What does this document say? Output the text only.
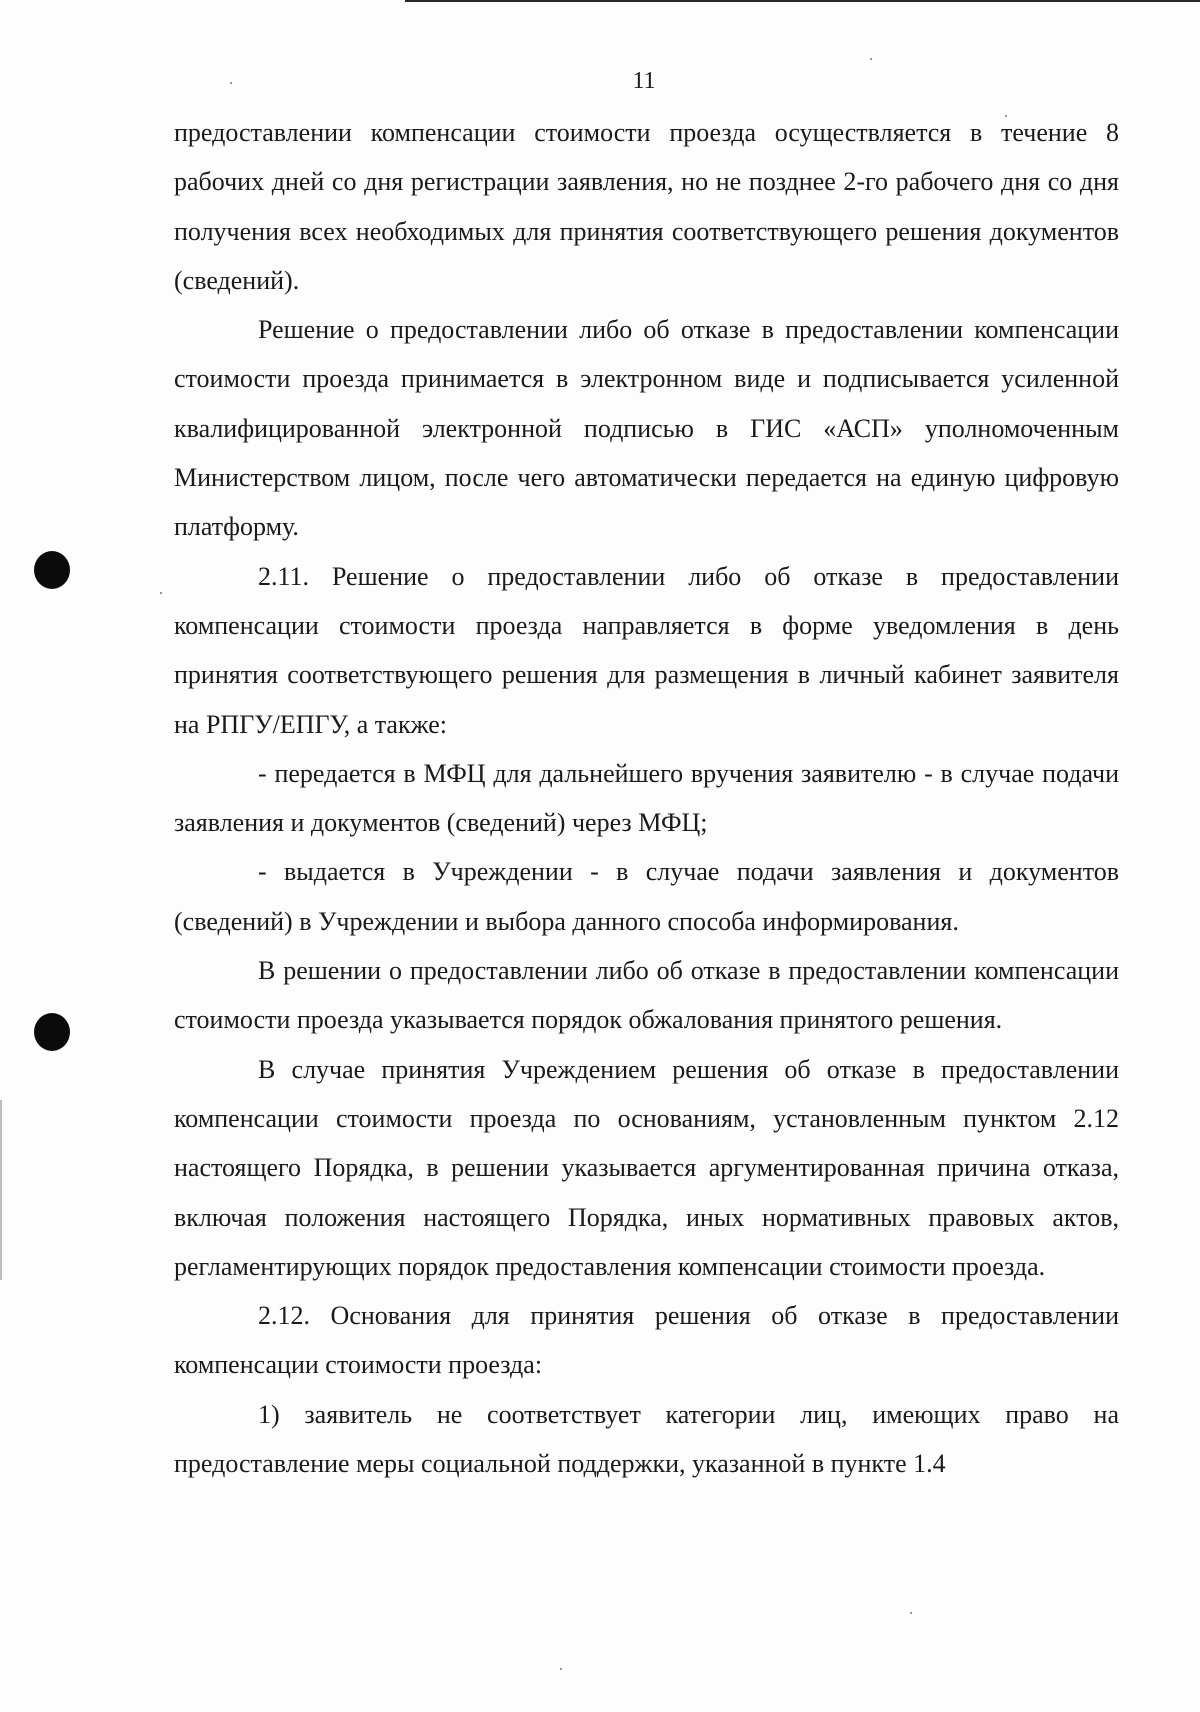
11

предоставлении компенсации стоимости проезда осуществляется в течение 8 рабочих дней со дня регистрации заявления, но не позднее 2-го рабочего дня со дня получения всех необходимых для принятия соответствующего решения документов (сведений).

Решение о предоставлении либо об отказе в предоставлении компенсации стоимости проезда принимается в электронном виде и подписывается усиленной квалифицированной электронной подписью в ГИС «АСП» уполномоченным Министерством лицом, после чего автоматически передается на единую цифровую платформу.

2.11. Решение о предоставлении либо об отказе в предоставлении компенсации стоимости проезда направляется в форме уведомления в день принятия соответствующего решения для размещения в личный кабинет заявителя на РПГУ/ЕПГУ, а также:

- передается в МФЦ для дальнейшего вручения заявителю - в случае подачи заявления и документов (сведений) через МФЦ;

- выдается в Учреждении - в случае подачи заявления и документов (сведений) в Учреждении и выбора данного способа информирования.

В решении о предоставлении либо об отказе в предоставлении компенсации стоимости проезда указывается порядок обжалования принятого решения.

В случае принятия Учреждением решения об отказе в предоставлении компенсации стоимости проезда по основаниям, установленным пунктом 2.12 настоящего Порядка, в решении указывается аргументированная причина отказа, включая положения настоящего Порядка, иных нормативных правовых актов, регламентирующих порядок предоставления компенсации стоимости проезда.

2.12. Основания для принятия решения об отказе в предоставлении компенсации стоимости проезда:

1) заявитель не соответствует категории лиц, имеющих право на предоставление меры социальной поддержки, указанной в пункте 1.4
